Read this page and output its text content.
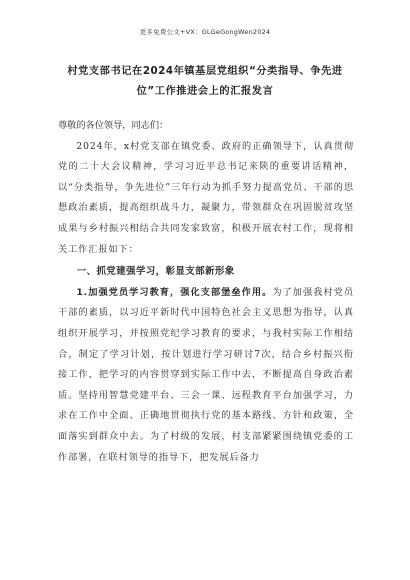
更多免费公文+VX：GLGeGongWen2024
村党支部书记在2024年镇基层党组织“分类指导、争先进位”工作推进会上的汇报发言

尊敬的各位领导，同志们：

2024年，x村党支部在镇党委、政府的正确领导下，认真贯彻党的二十大会议精神，学习习近平总书记来陕的重要讲话精神，以“分类指导，争先进位”三年行动为抓手努力提高党员、干部的思想政治素质，提高组织战斗力，凝聚力，带领群众在巩固脱贫攻坚成果与乡村振兴相结合共同发家致富，积极开展农村工作，现将相关工作汇报如下：

一、抓党建强学习，彰显支部新形象

1.加强党员学习教育，强化支部堡垒作用。为了加强我村党员干部的素质，以习近平新时代中国特色社会主义思想为指导，认真组织开展学习，并按照党纪学习教育的要求，与我村实际工作相结合，制定了学习计划，按计划进行学习研讨7次，结合乡村振兴衔接工作，把学习的内容贯穿到实际工作中去，不断提高自身政治素质。坚持用智慧党建平台、三会一课、远程教育平台加强学习，力求在工作中全面、正确地贯彻执行党的基本路线、方针和政策，全面落实到群众中去。为了村级的发展，村支部紧紧围绕镇党委的工作部署，在联村领导的指导下，把发展后备力
